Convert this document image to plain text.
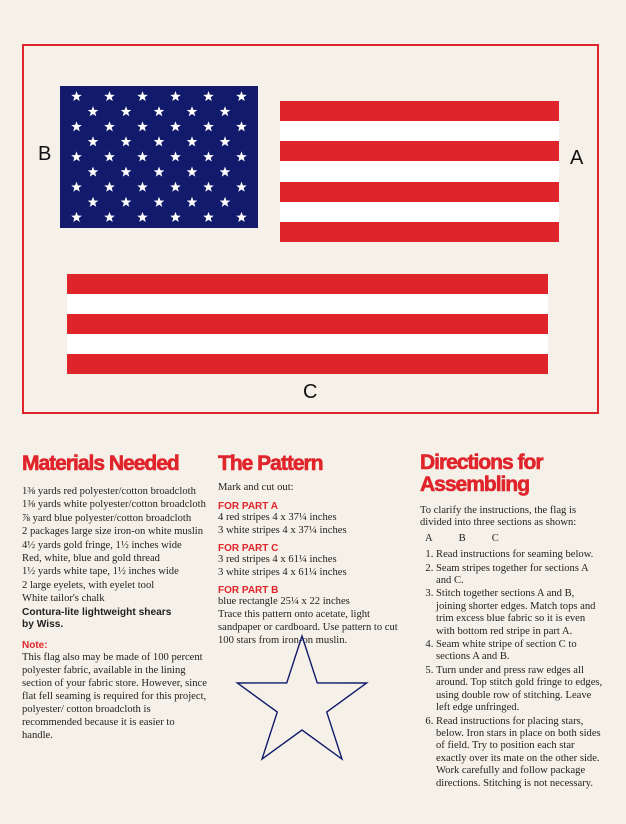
B	A
C
Materials Needed

1⅜ yards red polyester/cotton broadcloth

1⅜ yards white polyester/cotton broadcloth

⅞ yard blue polyester/cotton broadcloth

2 packages large size iron-on white muslin

4½ yards gold fringe, 1½ inches wide

Red, white, blue and gold thread

1½ yards white tape, 1½ inches wide

2 large eyelets, with eyelet tool

White tailor's chalk

Contura-lite lightweight shears
by Wiss.

Note:

This flag also may be made of 100 percent polyester fabric, available in the lining section of your fabric store. However, since flat fell seaming is required for this project, polyester/ cotton broadcloth is recommended because it is easier to handle.

The Pattern

Mark and cut out:

FOR PART A

4 red stripes 4 x 37¼ inches

3 white stripes 4 x 37¼ inches

FOR PART C

3 red stripes 4 x 61¼ inches

3 white stripes 4 x 61¼ inches

FOR PART B

blue rectangle 25¼ x 22 inches

Trace this pattern onto acetate, light sandpaper or cardboard. Use pattern to cut 100 stars from iron-on muslin.

Directions for
Assembling

To clarify the instructions, the flag is divided into three sections as shown:

A B C
1. Read instructions for seaming below.
2. Seam stripes together for sections A and C.
3. Stitch together sections A and B, joining shorter edges. Match tops and trim excess blue fabric so it is even with bottom red stripe in part A.
4. Seam white stripe of section C to sections A and B.
5. Turn under and press raw edges all around. Top stitch gold fringe to edges, using double row of stitching. Leave left edge unfringed.
6. Read instructions for placing stars, below. Iron stars in place on both sides of field. Try to position each star exactly over its mate on the other side. Work carefully and follow package directions. Stitching is not necessary.
